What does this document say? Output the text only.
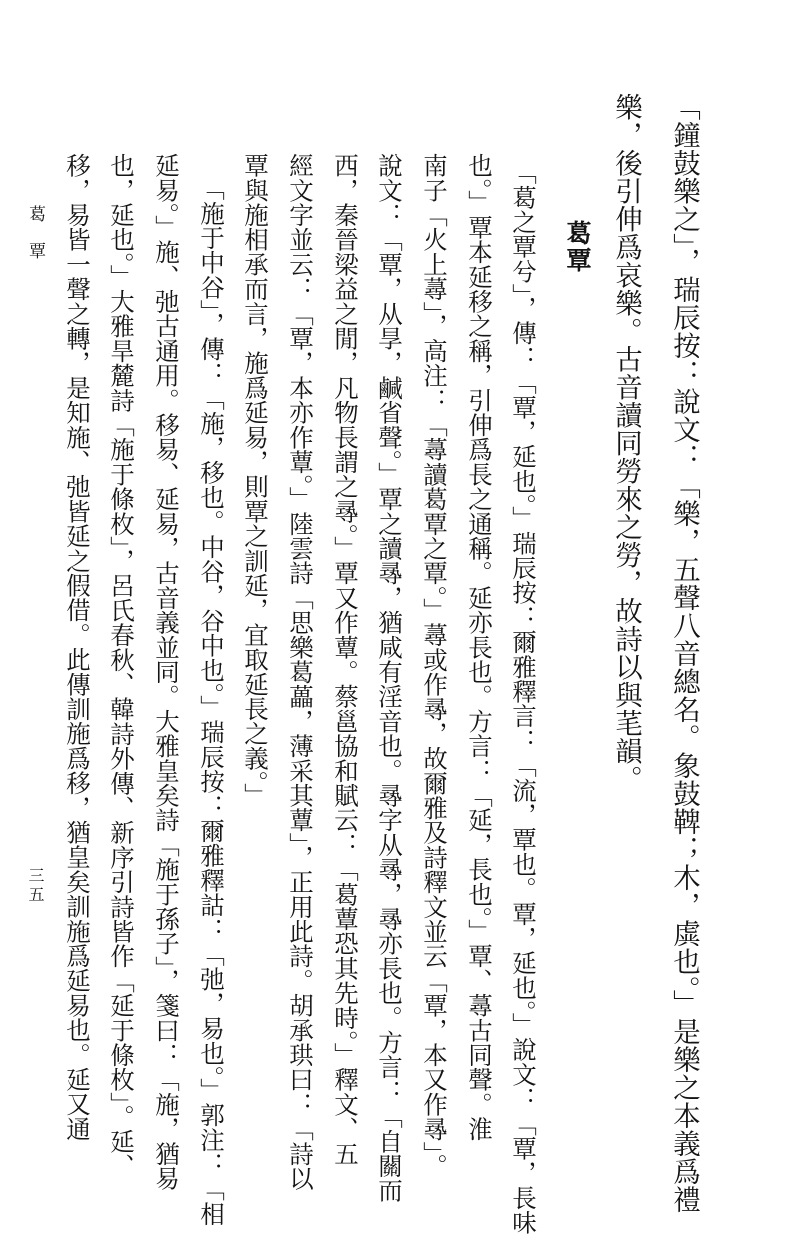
「鐘鼓樂之」，瑞辰按：說文：「樂，五聲八音總名。象鼓鞞；木，虡也。」是樂之本義爲禮
樂，後引伸爲哀樂。古音讀同勞來之勞，故詩以與芼韻。
葛覃
「葛之覃兮」，傳：「覃，延也。」瑞辰按：爾雅釋言：「流，覃也。覃，延也。」說文：「覃，長味
也。」覃本延移之稱，引伸爲長之通稱。延亦長也。方言：「延，長也。」覃、蕁古同聲。淮
南子「火上蕁」，高注：「蕁讀葛覃之覃。」蕁或作㝷，故爾雅及詩釋文並云「覃，本又作㝷」。
說文：「覃，从㫗，鹹省聲。」覃之讀㝷，猶咸有淫音也。㝷字从㝷，㝷亦長也。方言：「自關而
西，秦晉梁益之閒，凡物長謂之㝷。」覃又作蕈。蔡邕協和賦云：「葛蕈恐其先時。」釋文、五
經文字並云：「覃，本亦作蕈。」陸雲詩「思樂葛藟，薄采其蕈」，正用此詩。胡承珙曰：「詩以
覃與施相承而言，施爲延易，則覃之訓延，宜取延長之義。」
「施于中谷」，傳：「施，移也。中谷，谷中也。」瑞辰按：爾雅釋詁：「弛，易也。」郭注：「相
延易。」施、弛古通用。移易、延易，古音義並同。大雅皇矣詩「施于孫子」，箋曰：「施，猶易
也，延也。」大雅旱麓詩「施于條枚」，呂氏春秋、韓詩外傳、新序引詩皆作「延于條枚」。延、
移，易皆一聲之轉，是知施、弛皆延之假借。此傳訓施爲移，猶皇矣訓施爲延易也。延又通
葛覃
三五
